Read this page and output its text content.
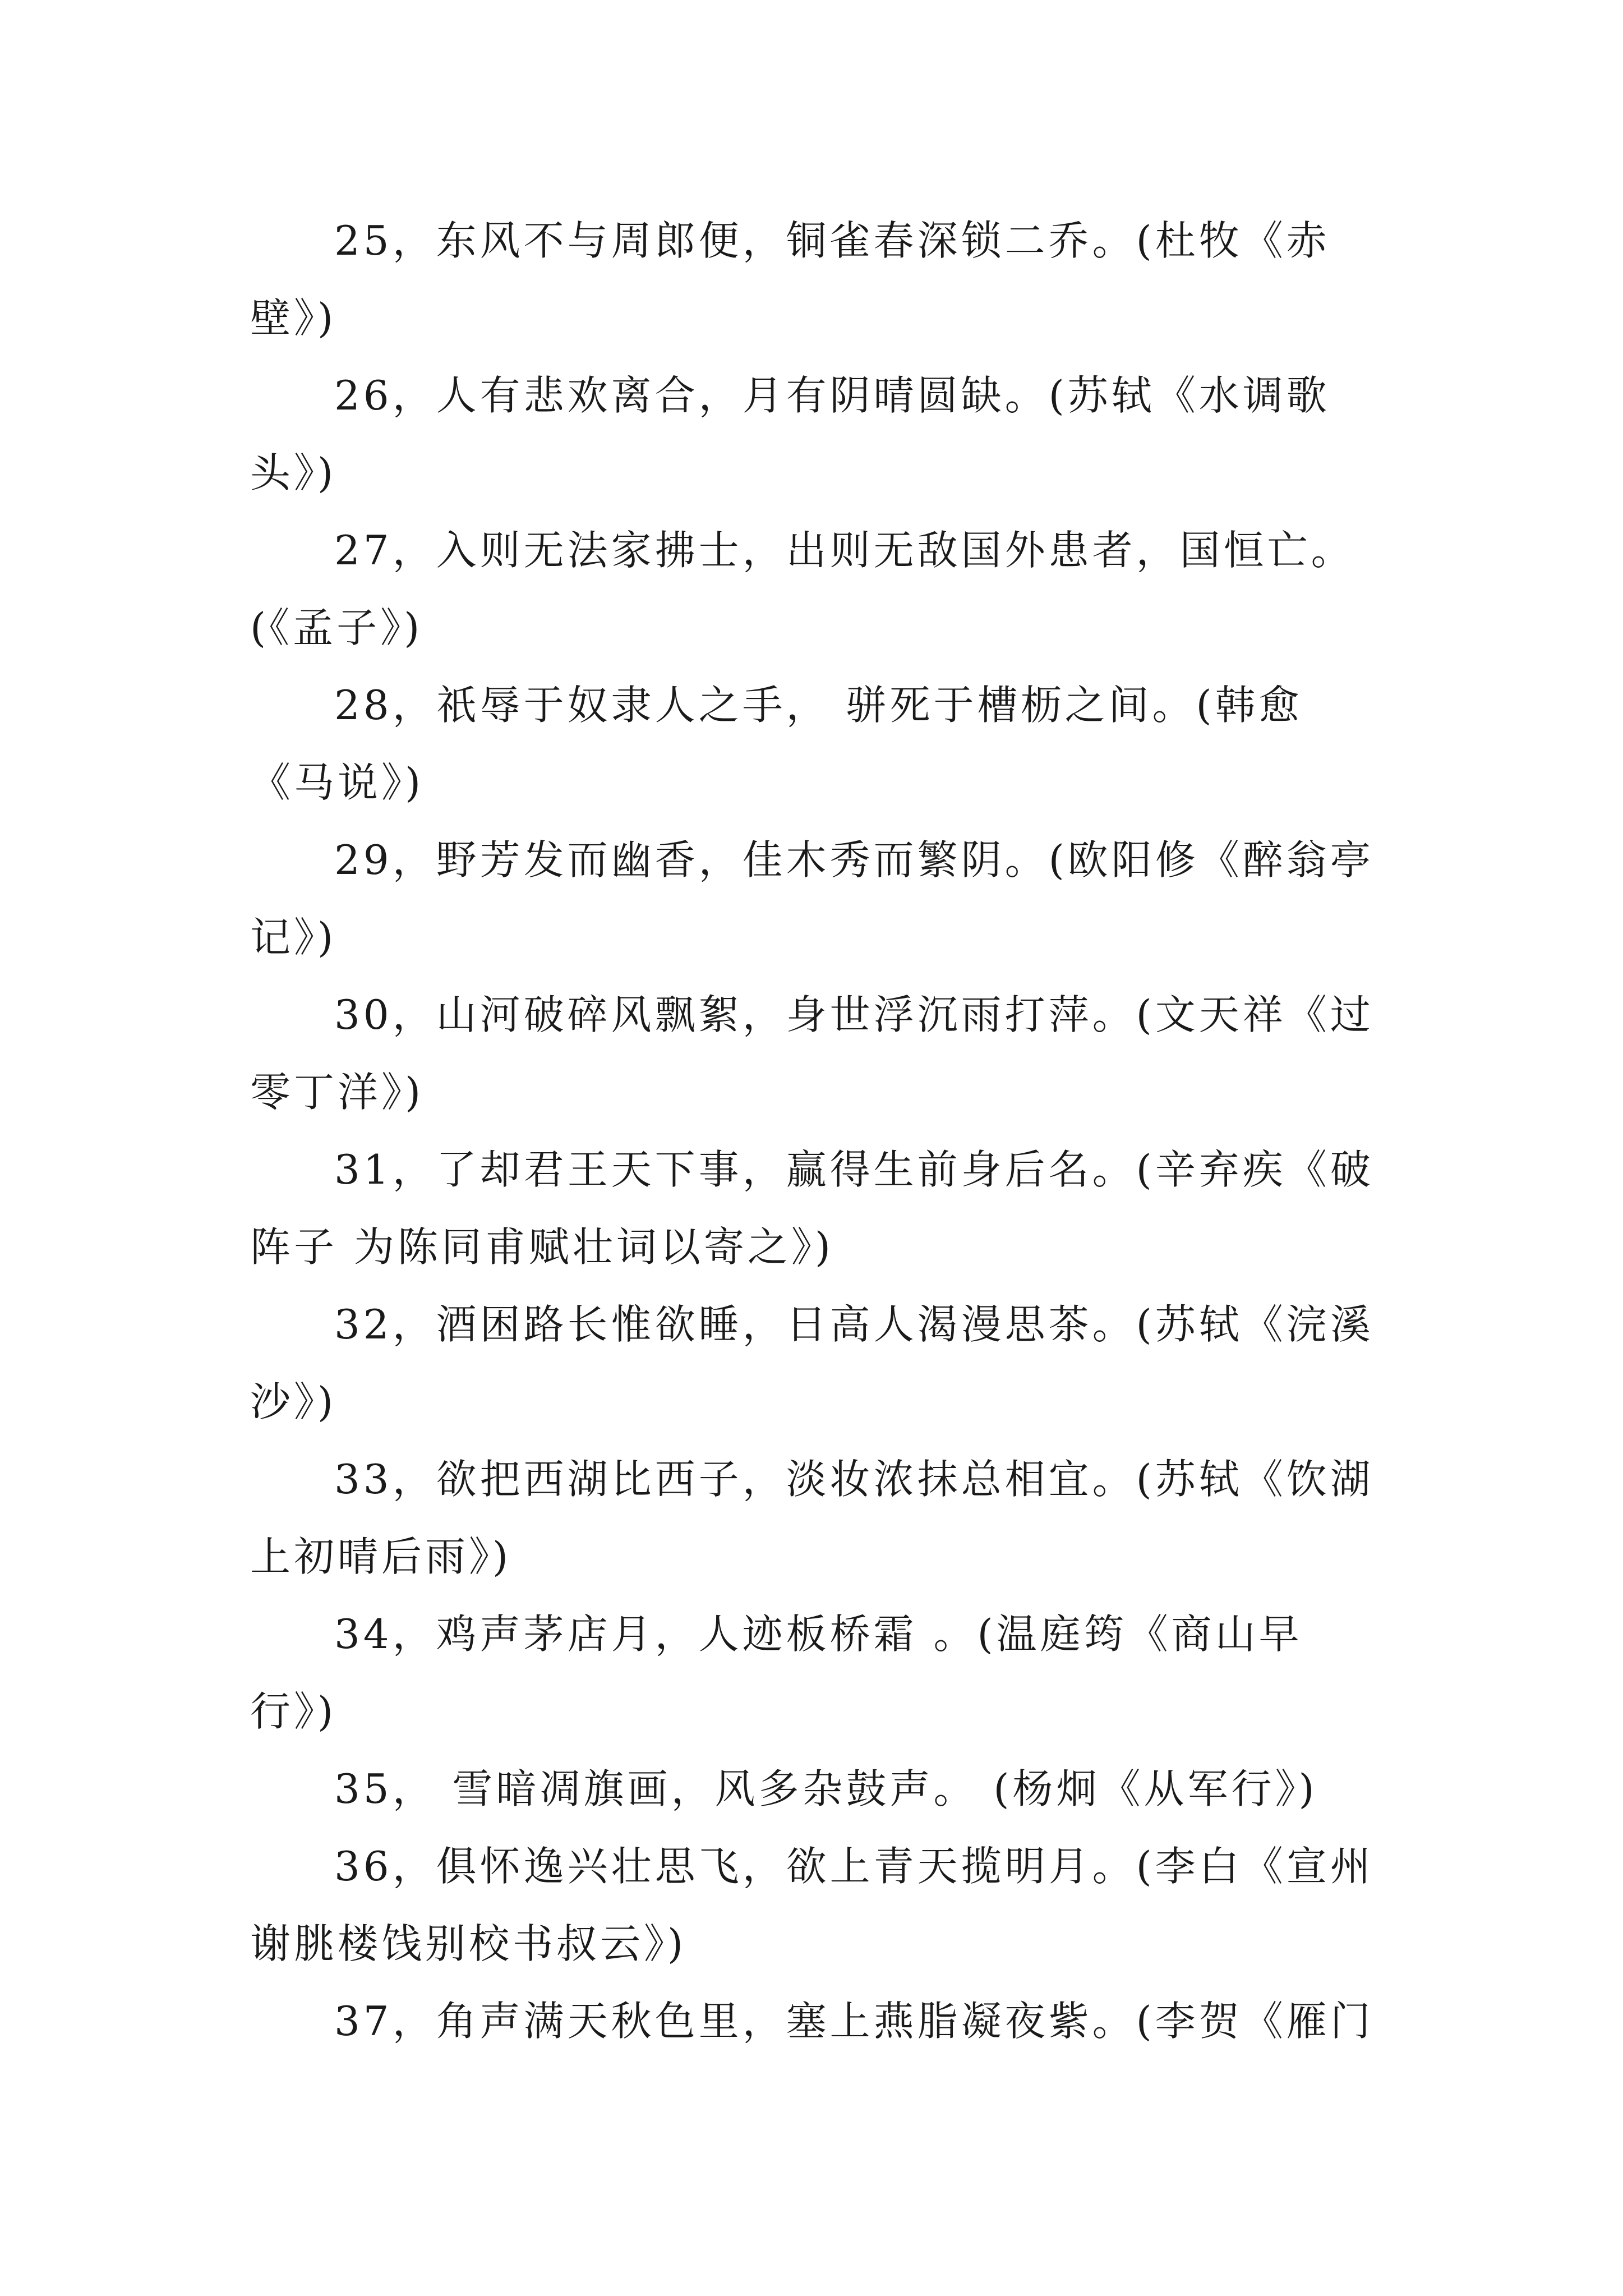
25，东风不与周郎便，铜雀春深锁二乔。(杜牧《赤壁》)

26，人有悲欢离合，月有阴晴圆缺。(苏轼《水调歌头》)

27，入则无法家拂士，出则无敌国外患者，国恒亡。(《孟子》)

28，祇辱于奴隶人之手， 骈死于槽枥之间。(韩愈《马说》)

29，野芳发而幽香，佳木秀而繁阴。(欧阳修《醉翁亭记》)

30，山河破碎风飘絮，身世浮沉雨打萍。(文天祥《过零丁洋》)

31，了却君王天下事，赢得生前身后名。(辛弃疾《破阵子 为陈同甫赋壮词以寄之》)

32，酒困路长惟欲睡，日高人渴漫思茶。(苏轼《浣溪沙》)

33，欲把西湖比西子，淡妆浓抹总相宜。(苏轼《饮湖上初晴后雨》)

34，鸡声茅店月，人迹板桥霜 。(温庭筠《商山早行》)

35， 雪暗凋旗画，风多杂鼓声。 (杨炯《从军行》)

36，俱怀逸兴壮思飞，欲上青天揽明月。(李白《宣州谢朓楼饯别校书叔云》)

37，角声满天秋色里，塞上燕脂凝夜紫。(李贺《雁门
